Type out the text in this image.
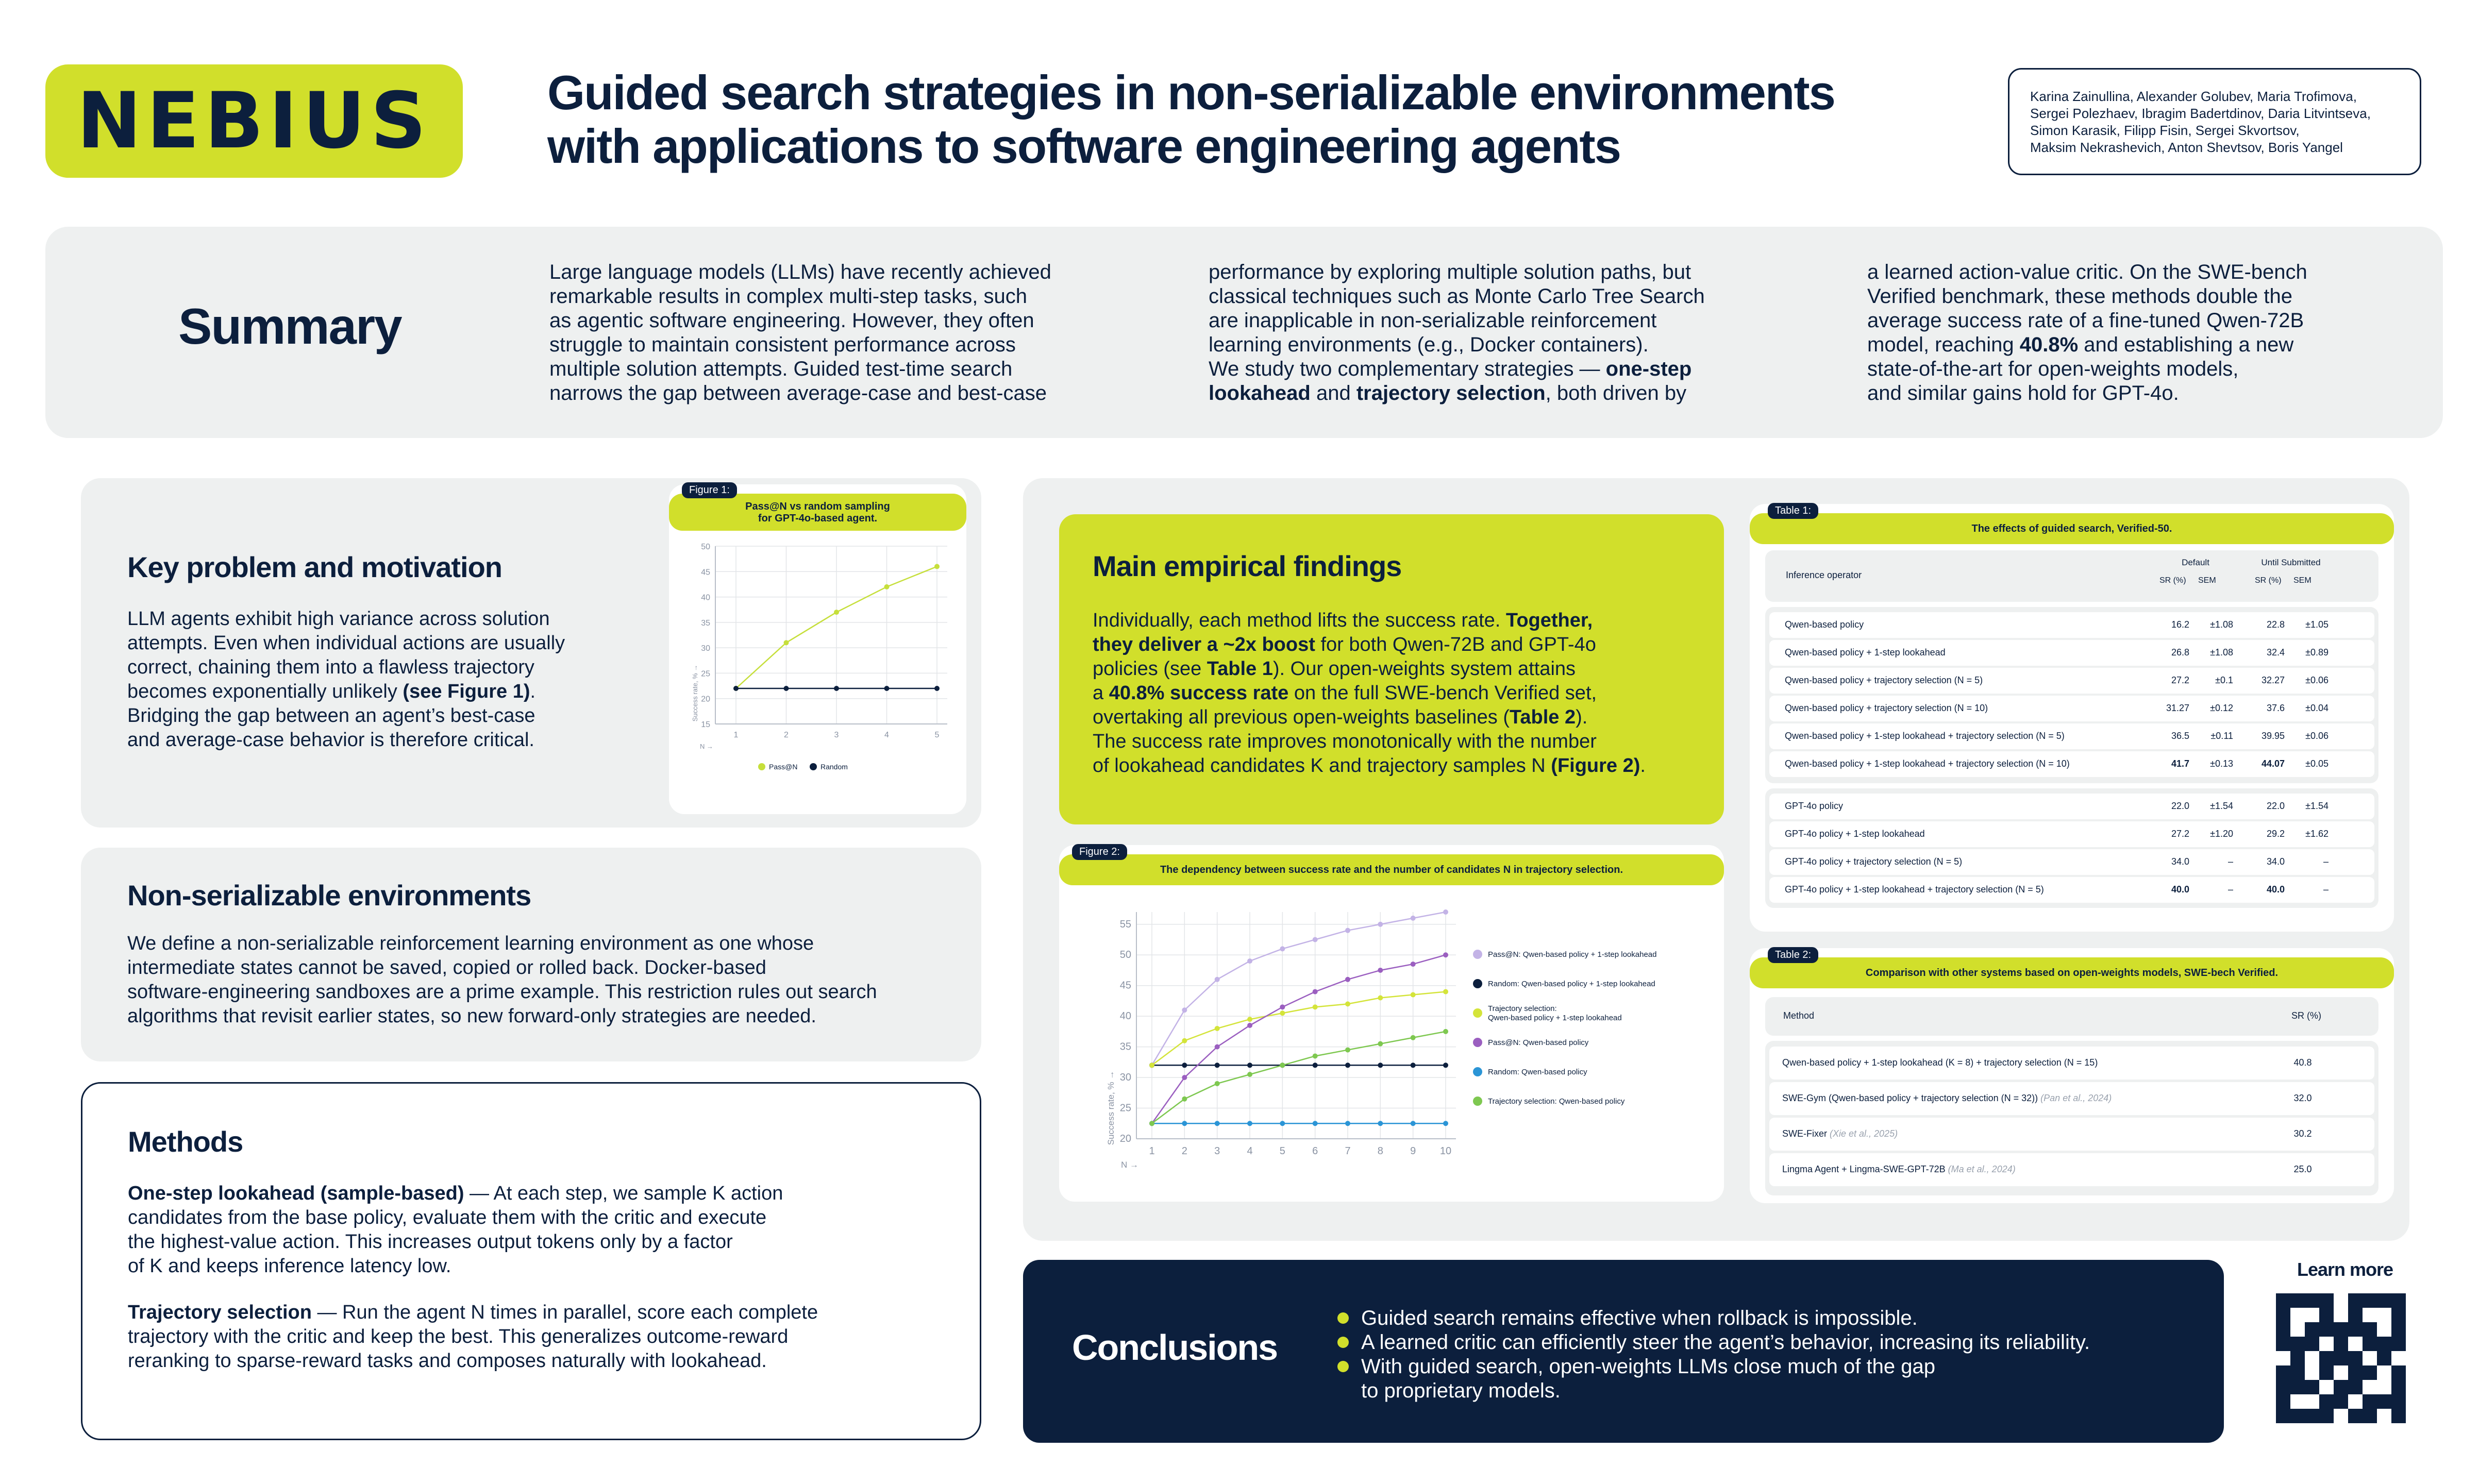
NEBIUS Guided search strategies in non-serializable environments
with applications to software engineering agents
Karina Zainullina, Alexander Golubev, Maria Trofimova,
Sergei Polezhaev, Ibragim Badertdinov, Daria Litvintseva,
Simon Karasik, Filipp Fisin, Sergei Skvortsov,
Maksim Nekrashevich, Anton Shevtsov, Boris Yangel
Summary
Large language models (LLMs) have recently achieved
remarkable results in complex multi-step tasks, such
as agentic software engineering. However, they often
struggle to maintain consistent performance across
multiple solution attempts. Guided test-time search
narrows the gap between average-case and best-case
performance by exploring multiple solution paths, but
classical techniques such as Monte Carlo Tree Search
are inapplicable in non-serializable reinforcement
learning environments (e.g., Docker containers).
We study two complementary strategies — one-step
lookahead and trajectory selection, both driven by
a learned action-value critic. On the SWE-bench
Verified benchmark, these methods double the
average success rate of a fine-tuned Qwen-72B
model, reaching 40.8% and establishing a new
state-of-the-art for open-weights models,
and similar gains hold for GPT-4o.
Key problem and motivation
LLM agents exhibit high variance across solution
attempts. Even when individual actions are usually
correct, chaining them into a flawless trajectory
becomes exponentially unlikely (see Figure 1).
Bridging the gap between an agent’s best-case
and average-case behavior is therefore critical.
Pass@N vs random sampling
for GPT-4o-based agent.
Figure 1:
15
20
25
30
35
40
45
50
1	2	3	4	5
N →
Success rate, % →
Pass@N	Random
Non-serializable environments
We define a non-serializable reinforcement learning environment as one whose
intermediate states cannot be saved, copied or rolled back. Docker-based
software-engineering sandboxes are a prime example. This restriction rules out search
algorithms that revisit earlier states, so new forward-only strategies are needed.
Methods
One-step lookahead (sample-based) — At each step, we sample K action
candidates from the base policy, evaluate them with the critic and execute
the highest-value action. This increases output tokens only by a factor
of K and keeps inference latency low.
Trajectory selection — Run the agent N times in parallel, score each complete
trajectory with the critic and keep the best. This generalizes outcome-reward
reranking to sparse-reward tasks and composes naturally with lookahead.
Main empirical findings
Individually, each method lifts the success rate. Together,
they deliver a ~2x boost for both Qwen-72B and GPT-4o
policies (see Table 1). Our open-weights system attains
a 40.8% success rate on the full SWE-bench Verified set,
overtaking all previous open-weights baselines (Table 2).
The success rate improves monotonically with the number
of lookahead candidates K and trajectory samples N (Figure 2).
The dependency between success rate and the number of candidates N in trajectory selection.
Figure 2:
20
25
30
35
40
45
50
55
1	2	3	4	5	6	7	8	9 10
N →
Success rate, % →
Pass@N: Qwen-based policy + 1-step lookahead
Random: Qwen-based policy + 1-step lookahead
Trajectory selection:
Qwen-based policy + 1-step lookahead
Pass@N: Qwen-based policy
Random: Qwen-based policy
Trajectory selection: Qwen-based policy
The effects of guided search, Verified-50.
Table 1:
Inference operator
Default	Until Submitted
SR (%) SEM	SR (%) SEM
Qwen-based policy	16.2	±1.08	22.8	±1.05
Qwen-based policy + 1-step lookahead	26.8	±1.08	32.4	±0.89
Qwen-based policy + trajectory selection (N = 5)	27.2	±0.1	32.27	±0.06
Qwen-based policy + trajectory selection (N = 10)	31.27	±0.12	37.6	±0.04
Qwen-based policy + 1-step lookahead + trajectory selection (N = 5)	36.5	±0.11	39.95	±0.06
Qwen-based policy + 1-step lookahead + trajectory selection (N = 10)	41.7	±0.13	44.07	±0.05
GPT-4o policy	22.0	±1.54	22.0	±1.54
GPT-4o policy + 1-step lookahead	27.2	±1.20	29.2	±1.62
GPT-4o policy + trajectory selection (N = 5)	34.0	–	34.0	–
GPT-4o policy + 1-step lookahead + trajectory selection (N = 5)	40.0	–	40.0	–
Comparison with other systems based on open-weights models, SWE-bech Verified.
Table 2:
Method	SR (%)
Qwen-based policy + 1-step lookahead (K = 8) + trajectory selection (N = 15)	40.8
SWE-Gym (Qwen-based policy + trajectory selection (N = 32)) (Pan et al., 2024)	32.0
SWE-Fixer (Xie et al., 2025)	30.2
Lingma Agent + Lingma-SWE-GPT-72B (Ma et al., 2024)	25.0
Conclusions
Guided search remains effective when rollback is impossible.
A learned critic can efficiently steer the agent’s behavior, increasing its reliability.
With guided search, open-weights LLMs close much of the gap
to proprietary models.
Learn more
